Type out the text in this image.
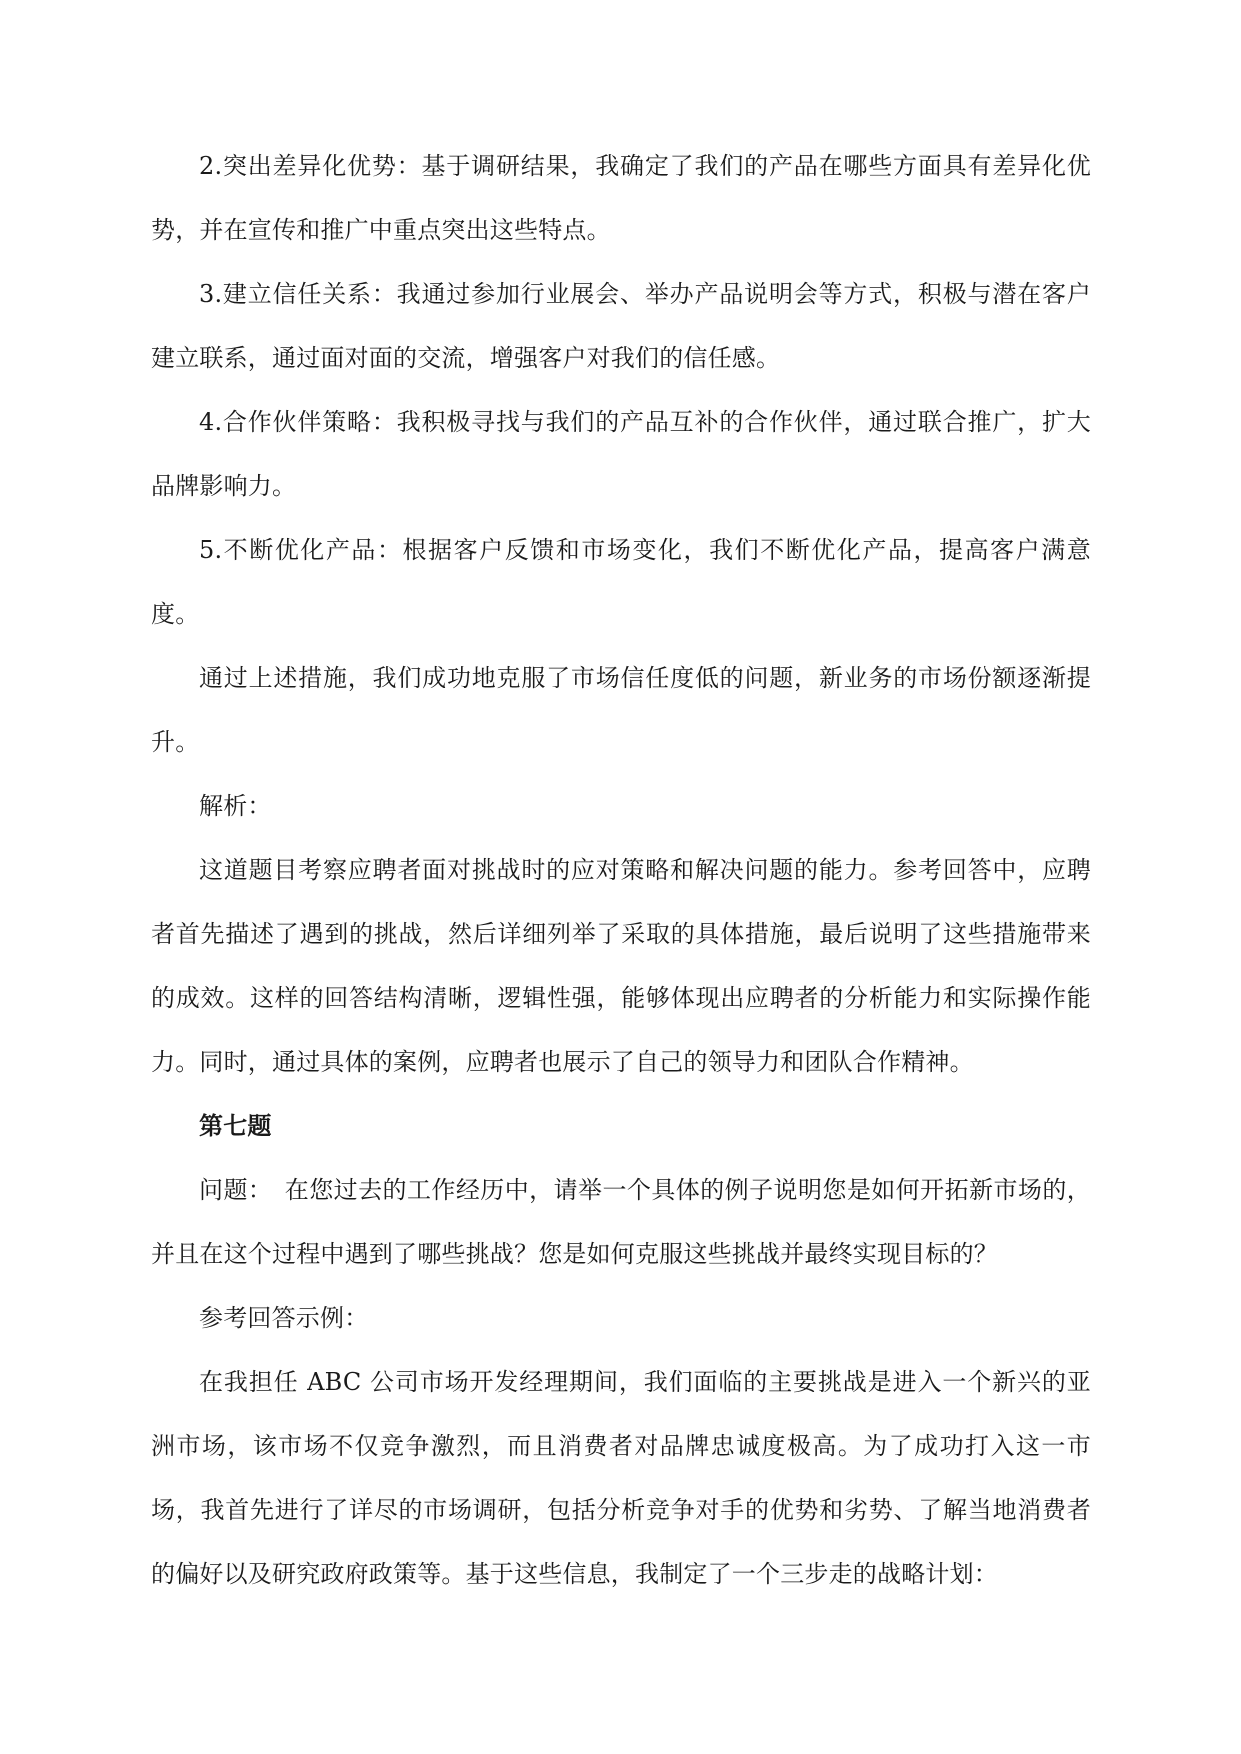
2.突出差异化优势：基于调研结果，我确定了我们的产品在哪些方面具有差异化优势，并在宣传和推广中重点突出这些特点。

3.建立信任关系：我通过参加行业展会、举办产品说明会等方式，积极与潜在客户建立联系，通过面对面的交流，增强客户对我们的信任感。

4.合作伙伴策略：我积极寻找与我们的产品互补的合作伙伴，通过联合推广，扩大品牌影响力。

5.不断优化产品：根据客户反馈和市场变化，我们不断优化产品，提高客户满意度。

通过上述措施，我们成功地克服了市场信任度低的问题，新业务的市场份额逐渐提升。

解析：

这道题目考察应聘者面对挑战时的应对策略和解决问题的能力。参考回答中，应聘者首先描述了遇到的挑战，然后详细列举了采取的具体措施，最后说明了这些措施带来的成效。这样的回答结构清晰，逻辑性强，能够体现出应聘者的分析能力和实际操作能力。同时，通过具体的案例，应聘者也展示了自己的领导力和团队合作精神。

第七题

问题：　在您过去的工作经历中，请举一个具体的例子说明您是如何开拓新市场的，并且在这个过程中遇到了哪些挑战？您是如何克服这些挑战并最终实现目标的？

参考回答示例：

在我担任 ABC 公司市场开发经理期间，我们面临的主要挑战是进入一个新兴的亚洲市场，该市场不仅竞争激烈，而且消费者对品牌忠诚度极高。为了成功打入这一市场，我首先进行了详尽的市场调研，包括分析竞争对手的优势和劣势、了解当地消费者的偏好以及研究政府政策等。基于这些信息，我制定了一个三步走的战略计划：
